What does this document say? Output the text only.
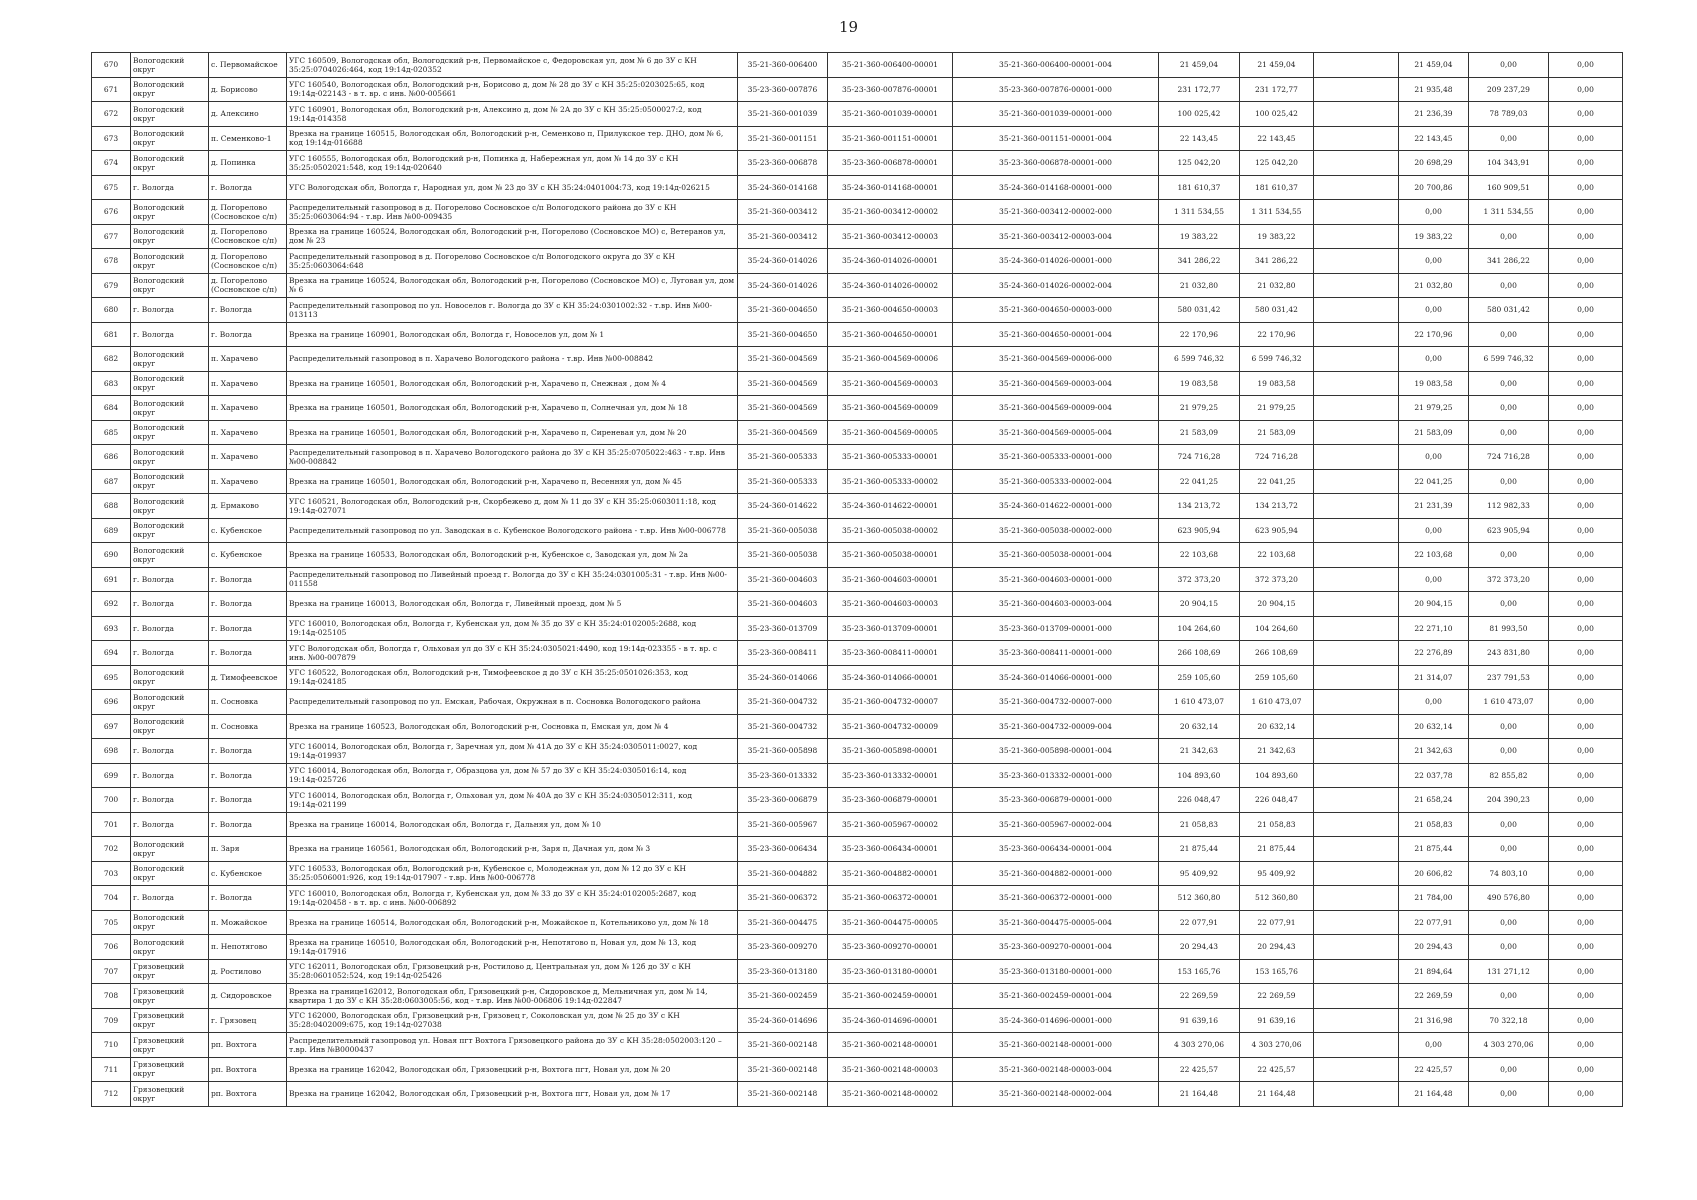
19
670	Вологодский округ	с. Первомайское	УГС 160509, Вологодская обл, Вологодский р-н, Первомайское с, Федоровская ул, дом № 6 до ЗУ с КН 35:25:0704026:464, код 19:14д-020352	35-21-360-006400	35-21-360-006400-00001	35-21-360-006400-00001-004	21 459,04	21 459,04		21 459,04	0,00	0,00
671	Вологодский округ	д. Борисово	УГС 160540, Вологодская обл, Вологодский р-н, Борисово д, дом № 28 до ЗУ с КН 35:25:0203025:65, код 19:14д-022143 - в т. вр. с инв. №00-005661	35-23-360-007876	35-23-360-007876-00001	35-23-360-007876-00001-000	231 172,77	231 172,77		21 935,48	209 237,29	0,00
672	Вологодский округ	д. Алексино	УГС 160901, Вологодская обл, Вологодский р-н, Алексино д, дом № 2А до ЗУ с КН 35:25:0500027:2, код 19:14д-014358	35-21-360-001039	35-21-360-001039-00001	35-21-360-001039-00001-000	100 025,42	100 025,42		21 236,39	78 789,03	0,00
673	Вологодский округ	п. Семенково-1	Врезка на границе 160515, Вологодская обл, Вологодский р-н, Семенково п, Прилукское тер. ДНО, дом № 6, код 19:14д-016688	35-21-360-001151	35-21-360-001151-00001	35-21-360-001151-00001-004	22 143,45	22 143,45		22 143,45	0,00	0,00
674	Вологодский округ	д. Попинка	УГС 160555, Вологодская обл, Вологодский р-н, Попинка д, Набережная ул, дом № 14 до ЗУ с КН 35:25:0502021:548, код 19:14д-020640	35-23-360-006878	35-23-360-006878-00001	35-23-360-006878-00001-000	125 042,20	125 042,20		20 698,29	104 343,91	0,00
675	г. Вологда	г. Вологда	УГС Вологодская обл, Вологда г, Народная ул, дом № 23 до ЗУ с КН 35:24:0401004:73, код 19:14д-026215	35-24-360-014168	35-24-360-014168-00001	35-24-360-014168-00001-000	181 610,37	181 610,37		20 700,86	160 909,51	0,00
676	Вологодский округ	д. Погорелово (Сосновское с/п)	Распределительный газопровод в д. Погорелово Сосновское с/п Вологодского района до ЗУ с КН 35:25:0603064:94 - т.вр. Инв №00-009435	35-21-360-003412	35-21-360-003412-00002	35-21-360-003412-00002-000	1 311 534,55	1 311 534,55		0,00	1 311 534,55	0,00
677	Вологодский округ	д. Погорелово (Сосновское с/п)	Врезка на границе 160524, Вологодская обл, Вологодский р-н, Погорелово (Сосновское МО) с, Ветеранов ул, дом № 23	35-21-360-003412	35-21-360-003412-00003	35-21-360-003412-00003-004	19 383,22	19 383,22		19 383,22	0,00	0,00
678	Вологодский округ	д. Погорелово (Сосновское с/п)	Распределительный газопровод в д. Погорелово Сосновское с/п Вологодского округа до ЗУ с КН 35:25:0603064:648	35-24-360-014026	35-24-360-014026-00001	35-24-360-014026-00001-000	341 286,22	341 286,22		0,00	341 286,22	0,00
679	Вологодский округ	д. Погорелово (Сосновское с/п)	Врезка на границе 160524, Вологодская обл, Вологодский р-н, Погорелово (Сосновское МО) с, Луговая ул, дом № 6	35-24-360-014026	35-24-360-014026-00002	35-24-360-014026-00002-004	21 032,80	21 032,80		21 032,80	0,00	0,00
680	г. Вологда	г. Вологда	Распределительный газопровод по ул. Новоселов г. Вологда до ЗУ с КН 35:24:0301002:32 - т.вр. Инв №00-013113	35-21-360-004650	35-21-360-004650-00003	35-21-360-004650-00003-000	580 031,42	580 031,42		0,00	580 031,42	0,00
681	г. Вологда	г. Вологда	Врезка на границе 160901, Вологодская обл, Вологда г, Новоселов ул, дом № 1	35-21-360-004650	35-21-360-004650-00001	35-21-360-004650-00001-004	22 170,96	22 170,96		22 170,96	0,00	0,00
682	Вологодский округ	п. Харачево	Распределительный газопровод в п. Харачево Вологодского района - т.вр. Инв №00-008842	35-21-360-004569	35-21-360-004569-00006	35-21-360-004569-00006-000	6 599 746,32	6 599 746,32		0,00	6 599 746,32	0,00
683	Вологодский округ	п. Харачево	Врезка на границе 160501, Вологодская обл, Вологодский р-н, Харачево п, Снежная , дом № 4	35-21-360-004569	35-21-360-004569-00003	35-21-360-004569-00003-004	19 083,58	19 083,58		19 083,58	0,00	0,00
684	Вологодский округ	п. Харачево	Врезка на границе 160501, Вологодская обл, Вологодский р-н, Харачево п, Солнечная ул, дом № 18	35-21-360-004569	35-21-360-004569-00009	35-21-360-004569-00009-004	21 979,25	21 979,25		21 979,25	0,00	0,00
685	Вологодский округ	п. Харачево	Врезка на границе 160501, Вологодская обл, Вологодский р-н, Харачево п, Сиреневая ул, дом № 20	35-21-360-004569	35-21-360-004569-00005	35-21-360-004569-00005-004	21 583,09	21 583,09		21 583,09	0,00	0,00
686	Вологодский округ	п. Харачево	Распределительный газопровод в п. Харачево Вологодского района до ЗУ с КН 35:25:0705022:463 - т.вр. Инв №00-008842	35-21-360-005333	35-21-360-005333-00001	35-21-360-005333-00001-000	724 716,28	724 716,28		0,00	724 716,28	0,00
687	Вологодский округ	п. Харачево	Врезка на границе 160501, Вологодская обл, Вологодский р-н, Харачево п, Весенняя ул, дом № 45	35-21-360-005333	35-21-360-005333-00002	35-21-360-005333-00002-004	22 041,25	22 041,25		22 041,25	0,00	0,00
688	Вологодский округ	д. Ермаково	УГС 160521, Вологодская обл, Вологодский р-н, Скорбежево д, дом № 11 до ЗУ с КН 35:25:0603011:18, код 19:14д-027071	35-24-360-014622	35-24-360-014622-00001	35-24-360-014622-00001-000	134 213,72	134 213,72		21 231,39	112 982,33	0,00
689	Вологодский округ	с. Кубенское	Распределительный газопровод по ул. Заводская в с. Кубенское Вологодского района - т.вр. Инв №00-006778	35-21-360-005038	35-21-360-005038-00002	35-21-360-005038-00002-000	623 905,94	623 905,94		0,00	623 905,94	0,00
690	Вологодский округ	с. Кубенское	Врезка на границе 160533, Вологодская обл, Вологодский р-н, Кубенское с, Заводская ул, дом № 2а	35-21-360-005038	35-21-360-005038-00001	35-21-360-005038-00001-004	22 103,68	22 103,68		22 103,68	0,00	0,00
691	г. Вологда	г. Вологда	Распределительный газопровод по Ливейный проезд г. Вологда до ЗУ с КН 35:24:0301005:31 - т.вр. Инв №00-011558	35-21-360-004603	35-21-360-004603-00001	35-21-360-004603-00001-000	372 373,20	372 373,20		0,00	372 373,20	0,00
692	г. Вологда	г. Вологда	Врезка на границе 160013, Вологодская обл, Вологда г, Ливейный проезд, дом № 5	35-21-360-004603	35-21-360-004603-00003	35-21-360-004603-00003-004	20 904,15	20 904,15		20 904,15	0,00	0,00
693	г. Вологда	г. Вологда	УГС 160010, Вологодская обл, Вологда г, Кубенская ул, дом № 35 до ЗУ с КН 35:24:0102005:2688, код 19:14д-025105	35-23-360-013709	35-23-360-013709-00001	35-23-360-013709-00001-000	104 264,60	104 264,60		22 271,10	81 993,50	0,00
694	г. Вологда	г. Вологда	УГС Вологодская обл, Вологда г, Ольховая ул до ЗУ с КН 35:24:0305021:4490, код 19:14д-023355 - в т. вр. с инв. №00-007879	35-23-360-008411	35-23-360-008411-00001	35-23-360-008411-00001-000	266 108,69	266 108,69		22 276,89	243 831,80	0,00
695	Вологодский округ	д. Тимофеевское	УГС 160522, Вологодская обл, Вологодский р-н, Тимофеевское д до ЗУ с КН 35:25:0501026:353, код 19:14д-024185	35-24-360-014066	35-24-360-014066-00001	35-24-360-014066-00001-000	259 105,60	259 105,60		21 314,07	237 791,53	0,00
696	Вологодский округ	п. Сосновка	Распределительный газопровод по ул. Емская, Рабочая, Окружная в п. Сосновка Вологодского района	35-21-360-004732	35-21-360-004732-00007	35-21-360-004732-00007-000	1 610 473,07	1 610 473,07		0,00	1 610 473,07	0,00
697	Вологодский округ	п. Сосновка	Врезка на границе 160523, Вологодская обл, Вологодский р-н, Сосновка п, Емская ул, дом № 4	35-21-360-004732	35-21-360-004732-00009	35-21-360-004732-00009-004	20 632,14	20 632,14		20 632,14	0,00	0,00
698	г. Вологда	г. Вологда	УГС 160014, Вологодская обл, Вологда г, Заречная ул, дом № 41А до ЗУ с КН 35:24:0305011:0027, код 19:14д-019937	35-21-360-005898	35-21-360-005898-00001	35-21-360-005898-00001-004	21 342,63	21 342,63		21 342,63	0,00	0,00
699	г. Вологда	г. Вологда	УГС 160014, Вологодская обл, Вологда г, Образцова ул, дом № 57 до ЗУ с КН 35:24:0305016:14, код 19:14д-025726	35-23-360-013332	35-23-360-013332-00001	35-23-360-013332-00001-000	104 893,60	104 893,60		22 037,78	82 855,82	0,00
700	г. Вологда	г. Вологда	УГС 160014, Вологодская обл, Вологда г, Ольховая ул, дом № 40А до ЗУ с КН 35:24:0305012:311, код 19:14д-021199	35-23-360-006879	35-23-360-006879-00001	35-23-360-006879-00001-000	226 048,47	226 048,47		21 658,24	204 390,23	0,00
701	г. Вологда	г. Вологда	Врезка на границе 160014, Вологодская обл, Вологда г, Дальняя ул, дом № 10	35-21-360-005967	35-21-360-005967-00002	35-21-360-005967-00002-004	21 058,83	21 058,83		21 058,83	0,00	0,00
702	Вологодский округ	п. Заря	Врезка на границе 160561, Вологодская обл, Вологодский р-н, Заря п, Дачная ул, дом № 3	35-23-360-006434	35-23-360-006434-00001	35-23-360-006434-00001-004	21 875,44	21 875,44		21 875,44	0,00	0,00
703	Вологодский округ	с. Кубенское	УГС 160533, Вологодская обл, Вологодский р-н, Кубенское с, Молодежная ул, дом № 12 до ЗУ с КН 35:25:0506001:926, код 19:14д-017907 - т.вр. Инв №00-006778	35-21-360-004882	35-21-360-004882-00001	35-21-360-004882-00001-000	95 409,92	95 409,92		20 606,82	74 803,10	0,00
704	г. Вологда	г. Вологда	УГС 160010, Вологодская обл, Вологда г, Кубенская ул, дом № 33 до ЗУ с КН 35:24:0102005:2687, код 19:14д-020458 - в т. вр. с инв. №00-006892	35-21-360-006372	35-21-360-006372-00001	35-21-360-006372-00001-000	512 360,80	512 360,80		21 784,00	490 576,80	0,00
705	Вологодский округ	п. Можайское	Врезка на границе 160514, Вологодская обл, Вологодский р-н, Можайское п, Котельниково ул, дом № 18	35-21-360-004475	35-21-360-004475-00005	35-21-360-004475-00005-004	22 077,91	22 077,91		22 077,91	0,00	0,00
706	Вологодский округ	п. Непотягово	Врезка на границе 160510, Вологодская обл, Вологодский р-н, Непотягово п, Новая ул, дом № 13, код 19:14д-017916	35-23-360-009270	35-23-360-009270-00001	35-23-360-009270-00001-004	20 294,43	20 294,43		20 294,43	0,00	0,00
707	Грязовецкий округ	д. Ростилово	УГС 162011, Вологодская обл, Грязовецкий р-н, Ростилово д, Центральная ул, дом № 12б до ЗУ с КН 35:28:0601052:524, код 19:14д-025426	35-23-360-013180	35-23-360-013180-00001	35-23-360-013180-00001-000	153 165,76	153 165,76		21 894,64	131 271,12	0,00
708	Грязовецкий округ	д. Сидоровское	Врезка на границе162012, Вологодская обл, Грязовецкий р-н, Сидоровское д, Мельничная ул, дом № 14, квартира 1 до ЗУ с КН 35:28:0603005:56, код - т.вр. Инв №00-006806 19:14д-022847	35-21-360-002459	35-21-360-002459-00001	35-21-360-002459-00001-004	22 269,59	22 269,59		22 269,59	0,00	0,00
709	Грязовецкий округ	г. Грязовец	УГС 162000, Вологодская обл, Грязовецкий р-н, Грязовец г, Соколовская ул, дом № 25 до ЗУ с КН 35:28:0402009:675, код 19:14д-027038	35-24-360-014696	35-24-360-014696-00001	35-24-360-014696-00001-000	91 639,16	91 639,16		21 316,98	70 322,18	0,00
710	Грязовецкий округ	рп. Вохтога	Распределительный газопровод ул. Новая пгт Вохтога Грязовецкого района до ЗУ с КН 35:28:0502003:120 – т.вр. Инв №В0000437	35-21-360-002148	35-21-360-002148-00001	35-21-360-002148-00001-000	4 303 270,06	4 303 270,06		0,00	4 303 270,06	0,00
711	Грязовецкий округ	рп. Вохтога	Врезка на границе 162042, Вологодская обл, Грязовецкий р-н, Вохтога пгт, Новая ул, дом № 20	35-21-360-002148	35-21-360-002148-00003	35-21-360-002148-00003-004	22 425,57	22 425,57		22 425,57	0,00	0,00
712	Грязовецкий округ	рп. Вохтога	Врезка на границе 162042, Вологодская обл, Грязовецкий р-н, Вохтога пгт, Новая ул, дом № 17	35-21-360-002148	35-21-360-002148-00002	35-21-360-002148-00002-004	21 164,48	21 164,48		21 164,48	0,00	0,00
